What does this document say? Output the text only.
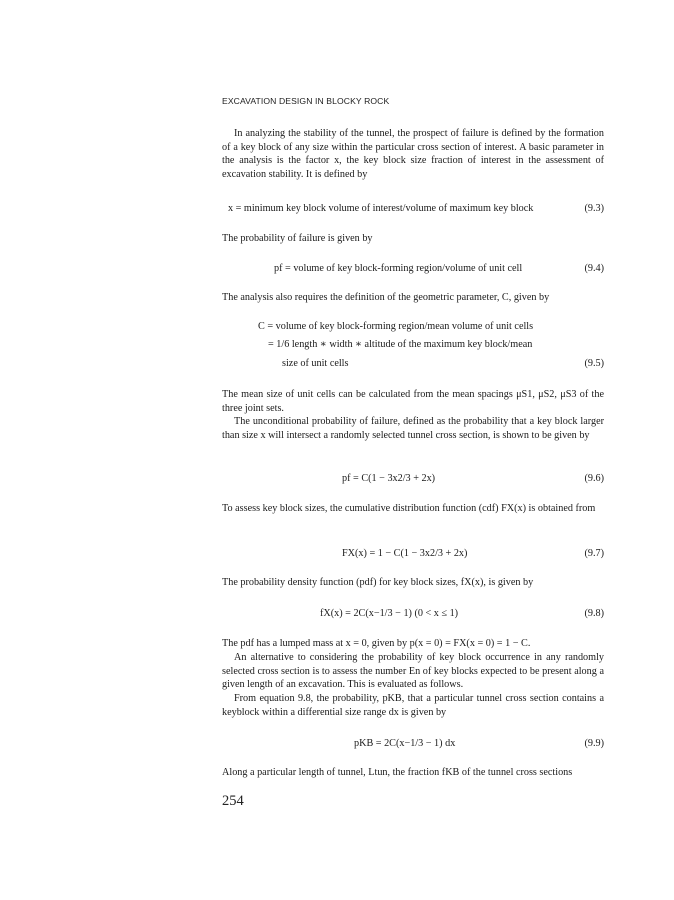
EXCAVATION DESIGN IN BLOCKY ROCK
In analyzing the stability of the tunnel, the prospect of failure is defined by the formation of a key block of any size within the particular cross section of interest. A basic parameter in the analysis is the factor x, the key block size fraction of interest in the assessment of excavation stability. It is defined by
x = minimum key block volume of interest/volume of maximum key block	(9.3)
The probability of failure is given by
pf = volume of key block-forming region/volume of unit cell	(9.4)
The analysis also requires the definition of the geometric parameter, C, given by
C = volume of key block-forming region/mean volume of unit cells
= 1/6 length ∗ width ∗ altitude of the maximum key block/mean
size of unit cells	(9.5)
The mean size of unit cells can be calculated from the mean spacings μS1, μS2, μS3 of the three joint sets.
The unconditional probability of failure, defined as the probability that a key block larger than size x will intersect a randomly selected tunnel cross section, is shown to be given by
pf = C(1 − 3x2/3 + 2x)	(9.6)
To assess key block sizes, the cumulative distribution function (cdf) FX(x) is obtained from
FX(x) = 1 − C(1 − 3x2/3 + 2x)	(9.7)
The probability density function (pdf) for key block sizes, fX(x), is given by
fX(x) = 2C(x−1/3 − 1) (0 < x ≤ 1)	(9.8)
The pdf has a lumped mass at x = 0, given by p(x = 0) = FX(x = 0) = 1 − C.
An alternative to considering the probability of key block occurrence in any randomly selected cross section is to assess the number En of key blocks expected to be present along a given length of an excavation. This is evaluated as follows.
From equation 9.8, the probability, pKB, that a particular tunnel cross section contains a keyblock within a differential size range dx is given by
pKB = 2C(x−1/3 − 1) dx	(9.9)
Along a particular length of tunnel, Ltun, the fraction fKB of the tunnel cross sections
254
